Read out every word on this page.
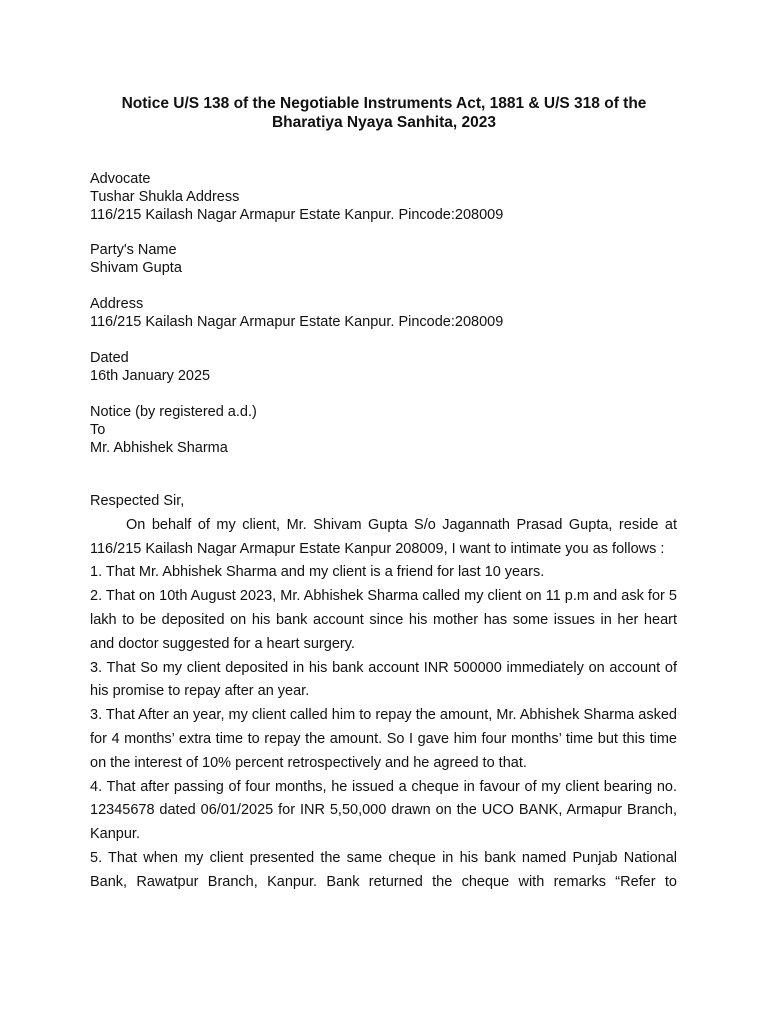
Notice U/S 138 of the Negotiable Instruments Act, 1881 & U/S 318 of the
Bharatiya Nyaya Sanhita, 2023
Advocate
Tushar Shukla Address
116/215 Kailash Nagar Armapur Estate Kanpur. Pincode:208009
Party's Name
Shivam Gupta
Address
116/215 Kailash Nagar Armapur Estate Kanpur. Pincode:208009
Dated
16th January 2025
Notice (by registered a.d.)
To
Mr. Abhishek Sharma

Respected Sir,

On behalf of my client, Mr. Shivam Gupta S/o Jagannath Prasad Gupta, reside at 116/215 Kailash Nagar Armapur Estate Kanpur 208009, I want to intimate you as follows :

1. That Mr. Abhishek Sharma and my client is a friend for last 10 years.

2. That on 10th August 2023, Mr. Abhishek Sharma called my client on 11 p.m and ask for 5 lakh to be deposited on his bank account since his mother has some issues in her heart and doctor suggested for a heart surgery.

3. That So my client deposited in his bank account INR 500000 immediately on account of his promise to repay after an year.

3. That After an year, my client called him to repay the amount, Mr. Abhishek Sharma asked for 4 months’ extra time to repay the amount. So I gave him four months’ time but this time on the interest of 10% percent retrospectively and he agreed to that.

4. That after passing of four months, he issued a cheque in favour of my client bearing no. 12345678 dated 06/01/2025 for INR 5,50,000 drawn on the UCO BANK, Armapur Branch, Kanpur.

5. That when my client presented the same cheque in his bank named Punjab National Bank, Rawatpur Branch, Kanpur. Bank returned the cheque with remarks “Refer to
